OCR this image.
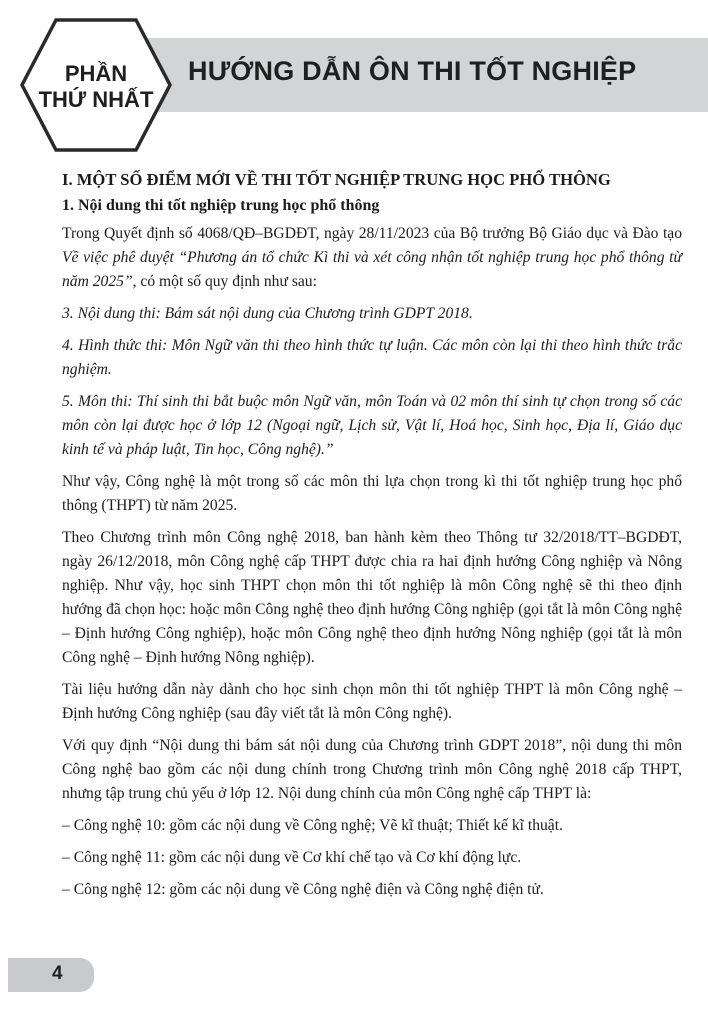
PHẦN
THỨ NHẤT
HƯỚNG DẪN ÔN THI TỐT NGHIỆP

I. MỘT SỐ ĐIỂM MỚI VỀ THI TỐT NGHIỆP TRUNG HỌC PHỔ THÔNG

1. Nội dung thi tốt nghiệp trung học phổ thông

Trong Quyết định số 4068/QĐ–BGDĐT, ngày 28/11/2023 của Bộ trưởng Bộ Giáo dục và Đào tạo Về việc phê duyệt “Phương án tổ chức Kì thi và xét công nhận tốt nghiệp trung học phổ thông từ năm 2025”, có một số quy định như sau:

3. Nội dung thi: Bám sát nội dung của Chương trình GDPT 2018.

4. Hình thức thi: Môn Ngữ văn thi theo hình thức tự luận. Các môn còn lại thi theo hình thức trắc nghiệm.

5. Môn thi: Thí sinh thi bắt buộc môn Ngữ văn, môn Toán và 02 môn thí sinh tự chọn trong số các môn còn lại được học ở lớp 12 (Ngoại ngữ, Lịch sử, Vật lí, Hoá học, Sinh học, Địa lí, Giáo dục kinh tế và pháp luật, Tin học, Công nghệ).”

Như vậy, Công nghệ là một trong số các môn thi lựa chọn trong kì thi tốt nghiệp trung học phổ thông (THPT) từ năm 2025.

Theo Chương trình môn Công nghệ 2018, ban hành kèm theo Thông tư 32/2018/TT–BGDĐT, ngày 26/12/2018, môn Công nghệ cấp THPT được chia ra hai định hướng Công nghiệp và Nông nghiệp. Như vậy, học sinh THPT chọn môn thi tốt nghiệp là môn Công nghệ sẽ thi theo định hướng đã chọn học: hoặc môn Công nghệ theo định hướng Công nghiệp (gọi tắt là môn Công nghệ – Định hướng Công nghiệp), hoặc môn Công nghệ theo định hướng Nông nghiệp (gọi tắt là môn Công nghệ – Định hướng Nông nghiệp).

Tài liệu hướng dẫn này dành cho học sinh chọn môn thi tốt nghiệp THPT là môn Công nghệ – Định hướng Công nghiệp (sau đây viết tắt là môn Công nghệ).

Với quy định “Nội dung thi bám sát nội dung của Chương trình GDPT 2018”, nội dung thi môn Công nghệ bao gồm các nội dung chính trong Chương trình môn Công nghệ 2018 cấp THPT, nhưng tập trung chủ yếu ở lớp 12. Nội dung chính của môn Công nghệ cấp THPT là:

– Công nghệ 10: gồm các nội dung về Công nghệ; Vẽ kĩ thuật; Thiết kế kĩ thuật.

– Công nghệ 11: gồm các nội dung về Cơ khí chế tạo và Cơ khí động lực.

– Công nghệ 12: gồm các nội dung về Công nghệ điện và Công nghệ điện tử.

4
